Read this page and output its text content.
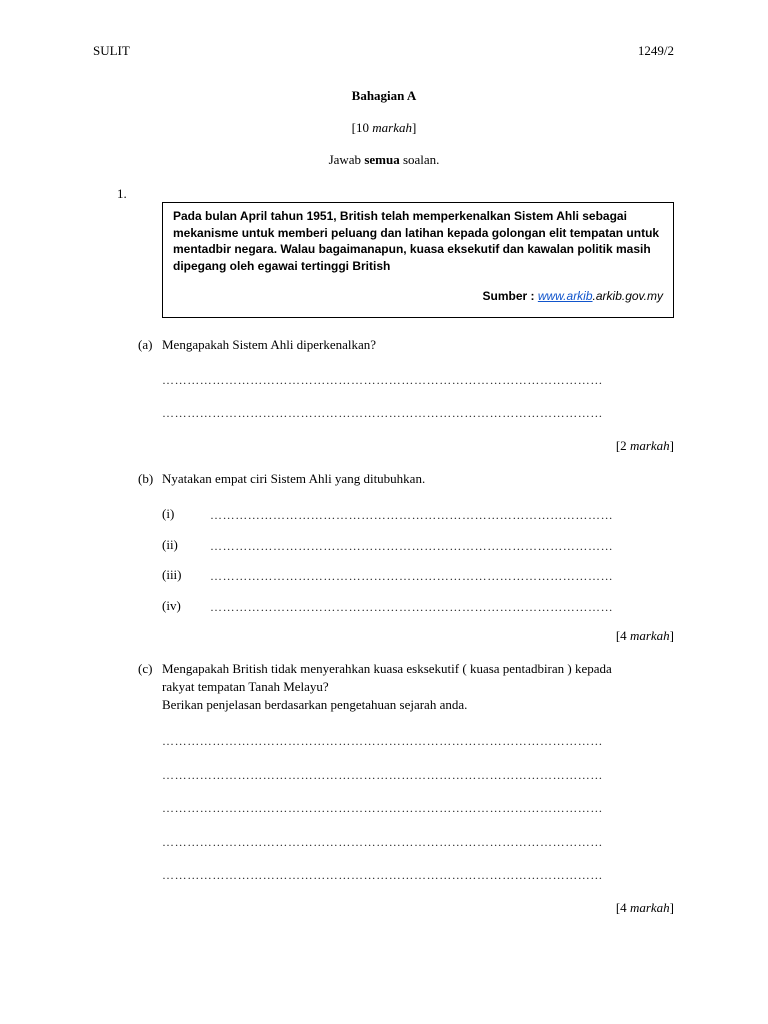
SULIT	1249/2
Bahagian A
[10 markah]
Jawab semua soalan.
1.
Pada bulan April tahun 1951, British telah memperkenalkan Sistem Ahli sebagai mekanisme untuk memberi peluang dan latihan kepada golongan elit tempatan untuk mentadbir negara. Walau bagaimanapun, kuasa eksekutif dan kawalan politik masih dipegang oleh egawai tertinggi British
Sumber : www.arkib.arkib.gov.my
(a) Mengapakah Sistem Ahli diperkenalkan?
……………………………………………………………………………………………
……………………………………………………………………………………………
[2 markah]
(b) Nyatakan empat ciri Sistem Ahli yang ditubuhkan.
(i)	……………………………………………………………………………………
(ii)	……………………………………………………………………………………
(iii) ……………………………………………………………………………………
(iv) ……………………………………………………………………………………
[4 markah]
(c) Mengapakah British tidak menyerahkan kuasa esksekutif ( kuasa pentadbiran ) kepada
rakyat tempatan Tanah Melayu?
Berikan penjelasan berdasarkan pengetahuan sejarah anda.
……………………………………………………………………………………………
……………………………………………………………………………………………
……………………………………………………………………………………………
……………………………………………………………………………………………
……………………………………………………………………………………………
[4 markah]
